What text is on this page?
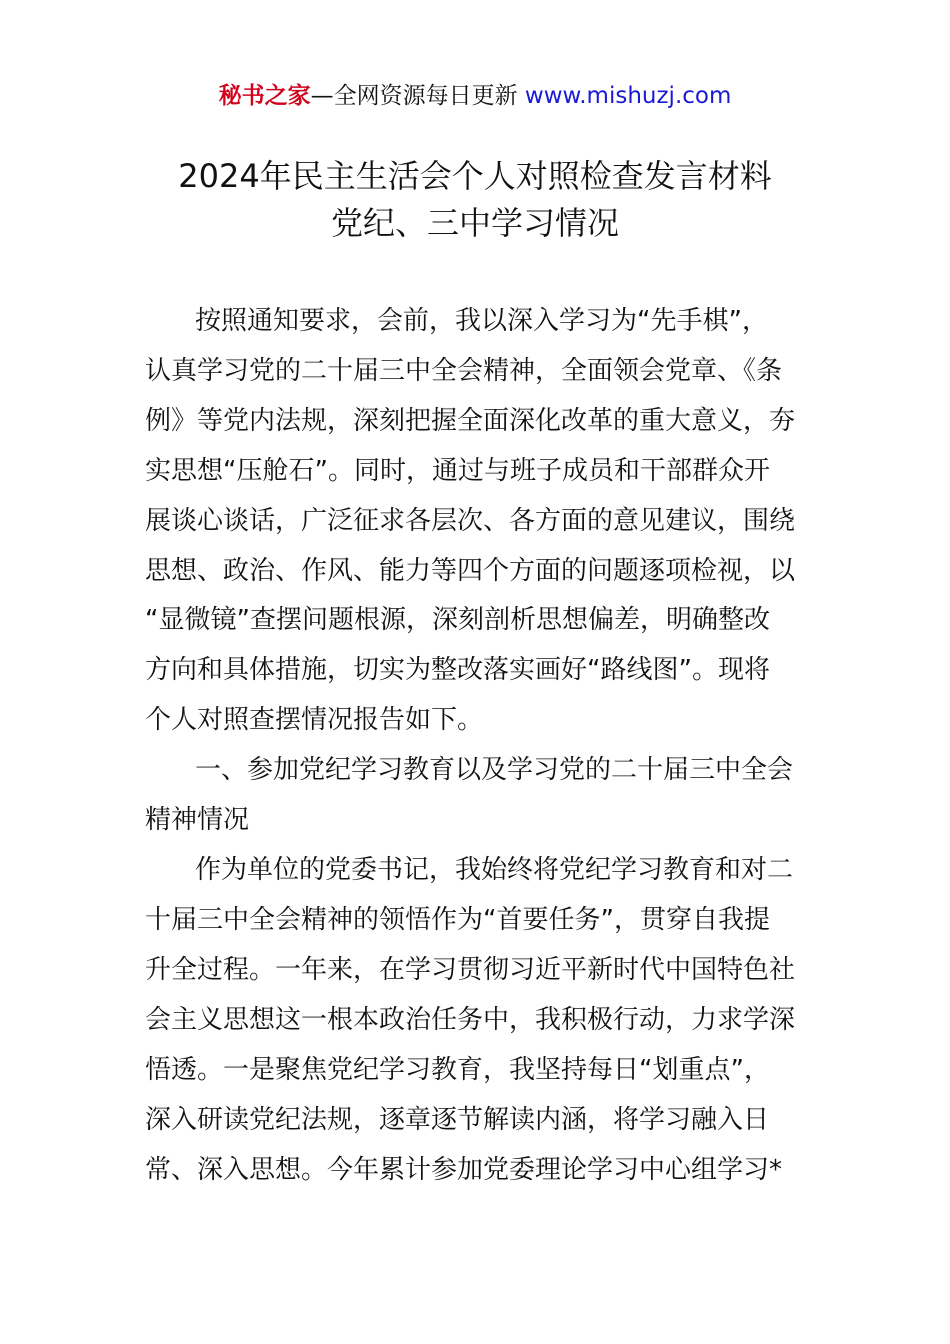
秘书之家—全网资源每日更新 www.mishuzj.com
2024年民主生活会个人对照检查发言材料
党纪、三中学习情况
按照通知要求，会前，我以深入学习为“先手棋”，
认真学习党的二十届三中全会精神，全面领会党章、《条
例》等党内法规，深刻把握全面深化改革的重大意义，夯
实思想“压舱石”。同时，通过与班子成员和干部群众开
展谈心谈话，广泛征求各层次、各方面的意见建议，围绕
思想、政治、作风、能力等四个方面的问题逐项检视，以
“显微镜”查摆问题根源，深刻剖析思想偏差，明确整改
方向和具体措施，切实为整改落实画好“路线图”。现将
个人对照查摆情况报告如下。
一、参加党纪学习教育以及学习党的二十届三中全会
精神情况
作为单位的党委书记，我始终将党纪学习教育和对二
十届三中全会精神的领悟作为“首要任务”，贯穿自我提
升全过程。一年来，在学习贯彻习近平新时代中国特色社
会主义思想这一根本政治任务中，我积极行动，力求学深
悟透。一是聚焦党纪学习教育，我坚持每日“划重点”，
深入研读党纪法规，逐章逐节解读内涵，将学习融入日
常、深入思想。今年累计参加党委理论学习中心组学习*
